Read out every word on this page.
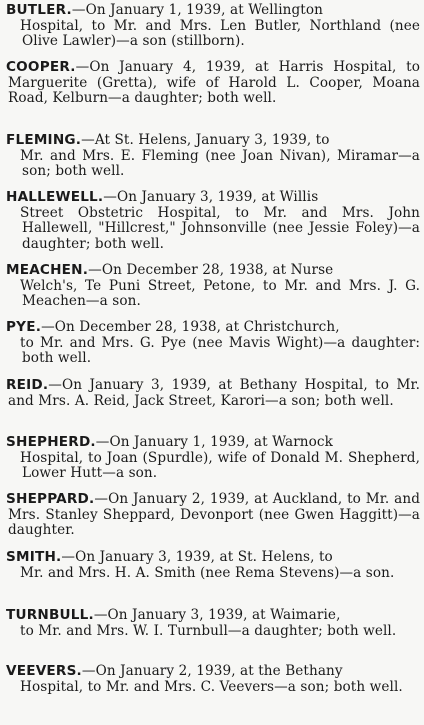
BUTLER.—On January 1, 1939, at Wellington
Hospital, to Mr. and Mrs. Len Butler, Northland (nee Olive Lawler)—a son (stillborn).
COOPER.—On January 4, 1939, at Harris Hospital, to Marguerite (Gretta), wife of Harold L. Cooper, Moana Road, Kelburn—a daughter; both well.
FLEMING.—At St. Helens, January 3, 1939, to
Mr. and Mrs. E. Fleming (nee Joan Nivan), Miramar—a son; both well.
HALLEWELL.—On January 3, 1939, at Willis
Street Obstetric Hospital, to Mr. and Mrs. John Hallewell, "Hillcrest," Johnsonville (nee Jessie Foley)—a daughter; both well.
MEACHEN.—On December 28, 1938, at Nurse
Welch's, Te Puni Street, Petone, to Mr. and Mrs. J. G. Meachen—a son.
PYE.—On December 28, 1938, at Christchurch,
to Mr. and Mrs. G. Pye (nee Mavis Wight)—a daughter: both well.
REID.—On January 3, 1939, at Bethany Hospital, to Mr. and Mrs. A. Reid, Jack Street, Karori—a son; both well.
SHEPHERD.—On January 1, 1939, at Warnock
Hospital, to Joan (Spurdle), wife of Donald M. Shepherd, Lower Hutt—a son.
SHEPPARD.—On January 2, 1939, at Auckland, to Mr. and Mrs. Stanley Sheppard, Devonport (nee Gwen Haggitt)—a daughter.
SMITH.—On January 3, 1939, at St. Helens, to
Mr. and Mrs. H. A. Smith (nee Rema Stevens)—a son.
TURNBULL.—On January 3, 1939, at Waimarie,
to Mr. and Mrs. W. I. Turnbull—a daughter; both well.
VEEVERS.—On January 2, 1939, at the Bethany
Hospital, to Mr. and Mrs. C. Veevers—a son; both well.
